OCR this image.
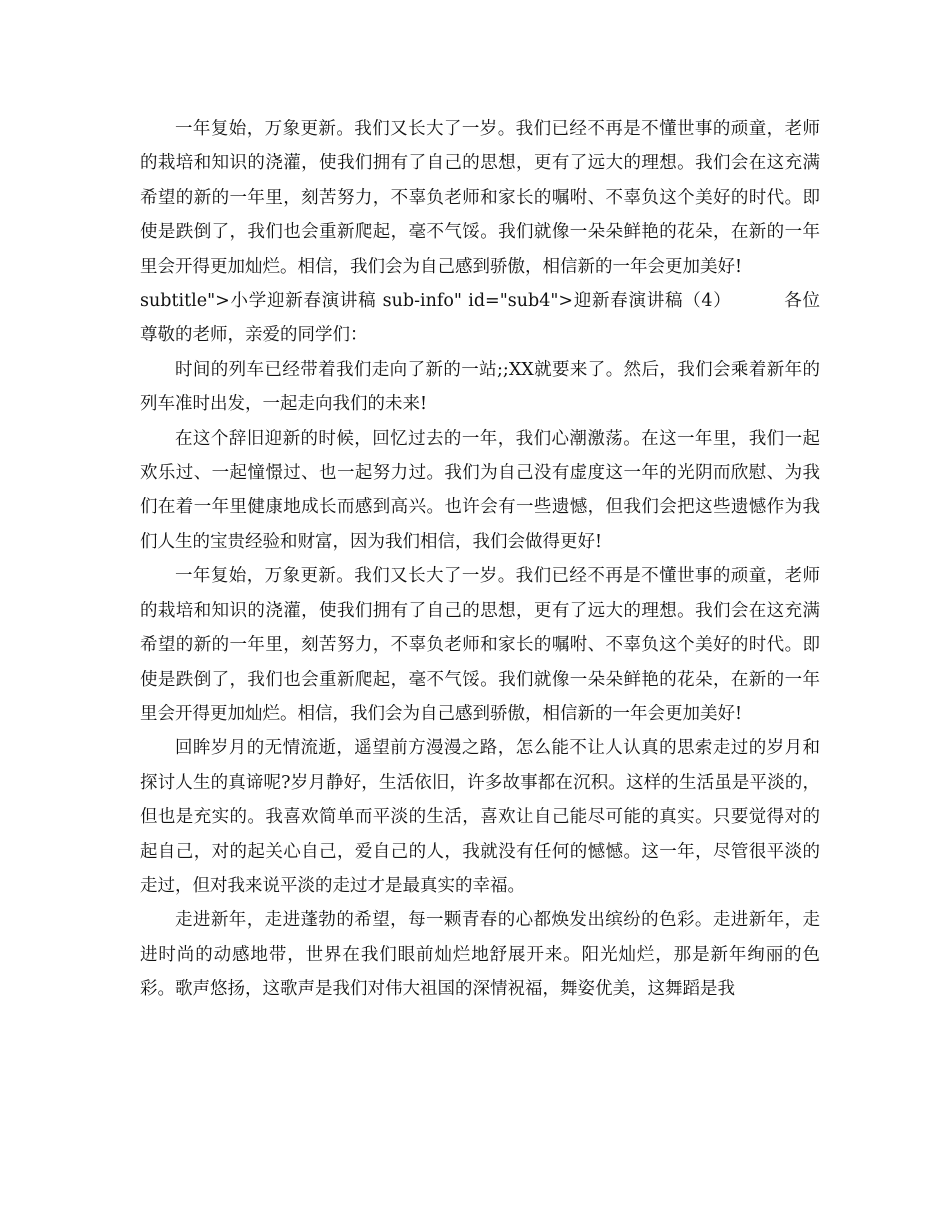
一年复始，万象更新。我们又长大了一岁。我们已经不再是不懂世事的顽童，老师的栽培和知识的浇灌，使我们拥有了自己的思想，更有了远大的理想。我们会在这充满希望的新的一年里，刻苦努力，不辜负老师和家长的嘱咐、不辜负这个美好的时代。即使是跌倒了，我们也会重新爬起，毫不气馁。我们就像一朵朵鲜艳的花朵，在新的一年里会开得更加灿烂。相信，我们会为自己感到骄傲，相信新的一年会更加美好!

subtitle">小学迎新春演讲稿 sub-info" id="sub4">迎新春演讲稿（4）	各位尊敬的老师，亲爱的同学们：

时间的列车已经带着我们走向了新的一站;;XX就要来了。然后，我们会乘着新年的列车准时出发，一起走向我们的未来!

在这个辞旧迎新的时候，回忆过去的一年，我们心潮激荡。在这一年里，我们一起欢乐过、一起憧憬过、也一起努力过。我们为自己没有虚度这一年的光阴而欣慰、为我们在着一年里健康地成长而感到高兴。也许会有一些遗憾，但我们会把这些遗憾作为我们人生的宝贵经验和财富，因为我们相信，我们会做得更好!

一年复始，万象更新。我们又长大了一岁。我们已经不再是不懂世事的顽童，老师的栽培和知识的浇灌，使我们拥有了自己的思想，更有了远大的理想。我们会在这充满希望的新的一年里，刻苦努力，不辜负老师和家长的嘱咐、不辜负这个美好的时代。即使是跌倒了，我们也会重新爬起，毫不气馁。我们就像一朵朵鲜艳的花朵，在新的一年里会开得更加灿烂。相信，我们会为自己感到骄傲，相信新的一年会更加美好!

回眸岁月的无情流逝，遥望前方漫漫之路，怎么能不让人认真的思索走过的岁月和探讨人生的真谛呢?岁月静好，生活依旧，许多故事都在沉积。这样的生活虽是平淡的，但也是充实的。我喜欢简单而平淡的生活，喜欢让自己能尽可能的真实。只要觉得对的起自己，对的起关心自己，爱自己的人，我就没有任何的憾憾。这一年，尽管很平淡的走过，但对我来说平淡的走过才是最真实的幸福。

走进新年，走进蓬勃的希望，每一颗青春的心都焕发出缤纷的色彩。走进新年，走进时尚的动感地带，世界在我们眼前灿烂地舒展开来。阳光灿烂，那是新年绚丽的色彩。歌声悠扬，这歌声是我们对伟大祖国的深情祝福，舞姿优美，这舞蹈是我
